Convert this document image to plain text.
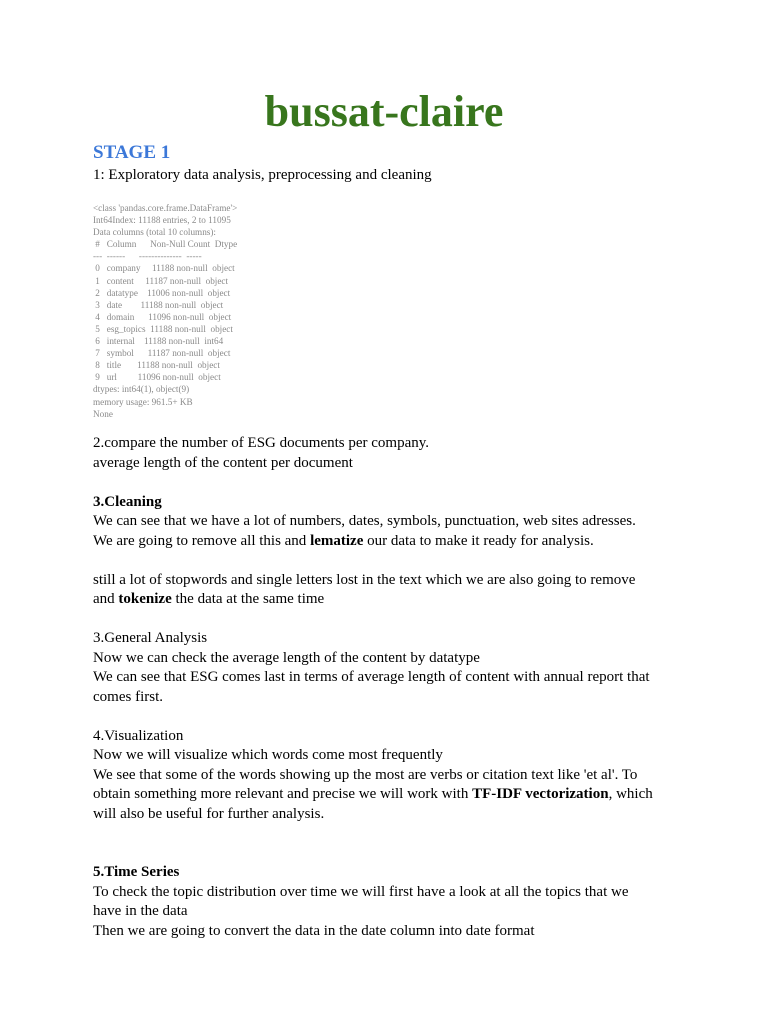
bussat-claire
STAGE 1

1: Exploratory data analysis, preprocessing and cleaning

<class 'pandas.core.frame.DataFrame'>
Int64Index: 11188 entries, 2 to 11095
Data columns (total 10 columns):
#   Column      Non-Null Count  Dtype
---  ------      --------------  -----
0   company     11188 non-null  object
1   content     11187 non-null  object
2   datatype    11006 non-null  object
3   date        11188 non-null  object
4   domain      11096 non-null  object
5   esg_topics  11188 non-null  object
6   internal    11188 non-null  int64
7   symbol      11187 non-null  object
8   title       11188 non-null  object
9   url         11096 non-null  object
dtypes: int64(1), object(9)
memory usage: 961.5+ KB
None

2.compare the number of ESG documents per company.

average length of the content per document

3.Cleaning

We can see that we have a lot of numbers, dates, symbols, punctuation, web sites adresses.

We are going to remove all this and lematize our data to make it ready for analysis.

still a lot of stopwords and single letters lost in the text which we are also going to remove

and tokenize the data at the same time

3.General Analysis

Now we can check the average length of the content by datatype

We can see that ESG comes last in terms of average length of content with annual report that

comes first.

4.Visualization

Now we will visualize which words come most frequently

We see that some of the words showing up the most are verbs or citation text like 'et al'. To

obtain something more relevant and precise we will work with TF-IDF vectorization, which

will also be useful for further analysis.

5.Time Series

To check the topic distribution over time we will first have a look at all the topics that we

have in the data

Then we are going to convert the data in the date column into date format
